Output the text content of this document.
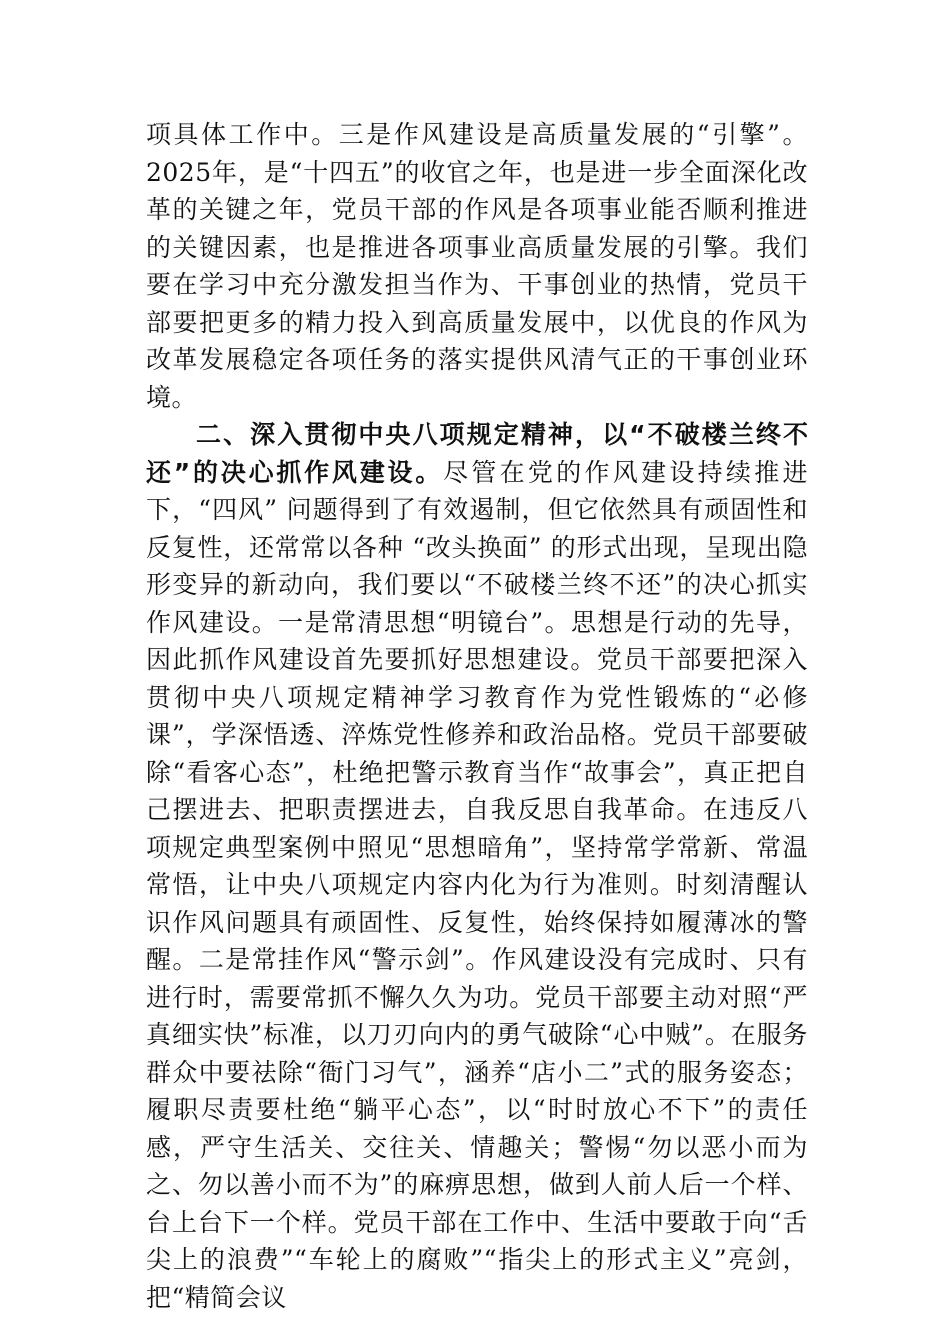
项具体工作中。三是作风建设是高质量发展的“引擎”。2025年，是“十四五”的收官之年，也是进一步全面深化改革的关键之年，党员干部的作风是各项事业能否顺利推进的关键因素，也是推进各项事业高质量发展的引擎。我们要在学习中充分激发担当作为、干事创业的热情，党员干部要把更多的精力投入到高质量发展中，以优良的作风为改革发展稳定各项任务的落实提供风清气正的干事创业环境。

二、深入贯彻中央八项规定精神，以“不破楼兰终不还”的决心抓作风建设。尽管在党的作风建设持续推进下，“四风” 问题得到了有效遏制，但它依然具有顽固性和反复性，还常常以各种 “改头换面” 的形式出现，呈现出隐形变异的新动向，我们要以“不破楼兰终不还”的决心抓实作风建设。一是常清思想“明镜台”。思想是行动的先导，因此抓作风建设首先要抓好思想建设。党员干部要把深入贯彻中央八项规定精神学习教育作为党性锻炼的“必修课”，学深悟透、淬炼党性修养和政治品格。党员干部要破除“看客心态”，杜绝把警示教育当作“故事会”，真正把自己摆进去、把职责摆进去，自我反思自我革命。在违反八项规定典型案例中照见“思想暗角”，坚持常学常新、常温常悟，让中央八项规定内容内化为行为准则。时刻清醒认识作风问题具有顽固性、反复性，始终保持如履薄冰的警醒。二是常挂作风“警示剑”。作风建设没有完成时、只有进行时，需要常抓不懈久久为功。党员干部要主动对照“严真细实快”标准，以刀刃向内的勇气破除“心中贼”。在服务群众中要祛除“衙门习气”，涵养“店小二”式的服务姿态；履职尽责要杜绝“躺平心态”，以“时时放心不下”的责任感，严守生活关、交往关、情趣关；警惕“勿以恶小而为之、勿以善小而不为”的麻痹思想，做到人前人后一个样、台上台下一个样。党员干部在工作中、生活中要敢于向“舌尖上的浪费”“车轮上的腐败”“指尖上的形式主义”亮剑，把“精简会议
